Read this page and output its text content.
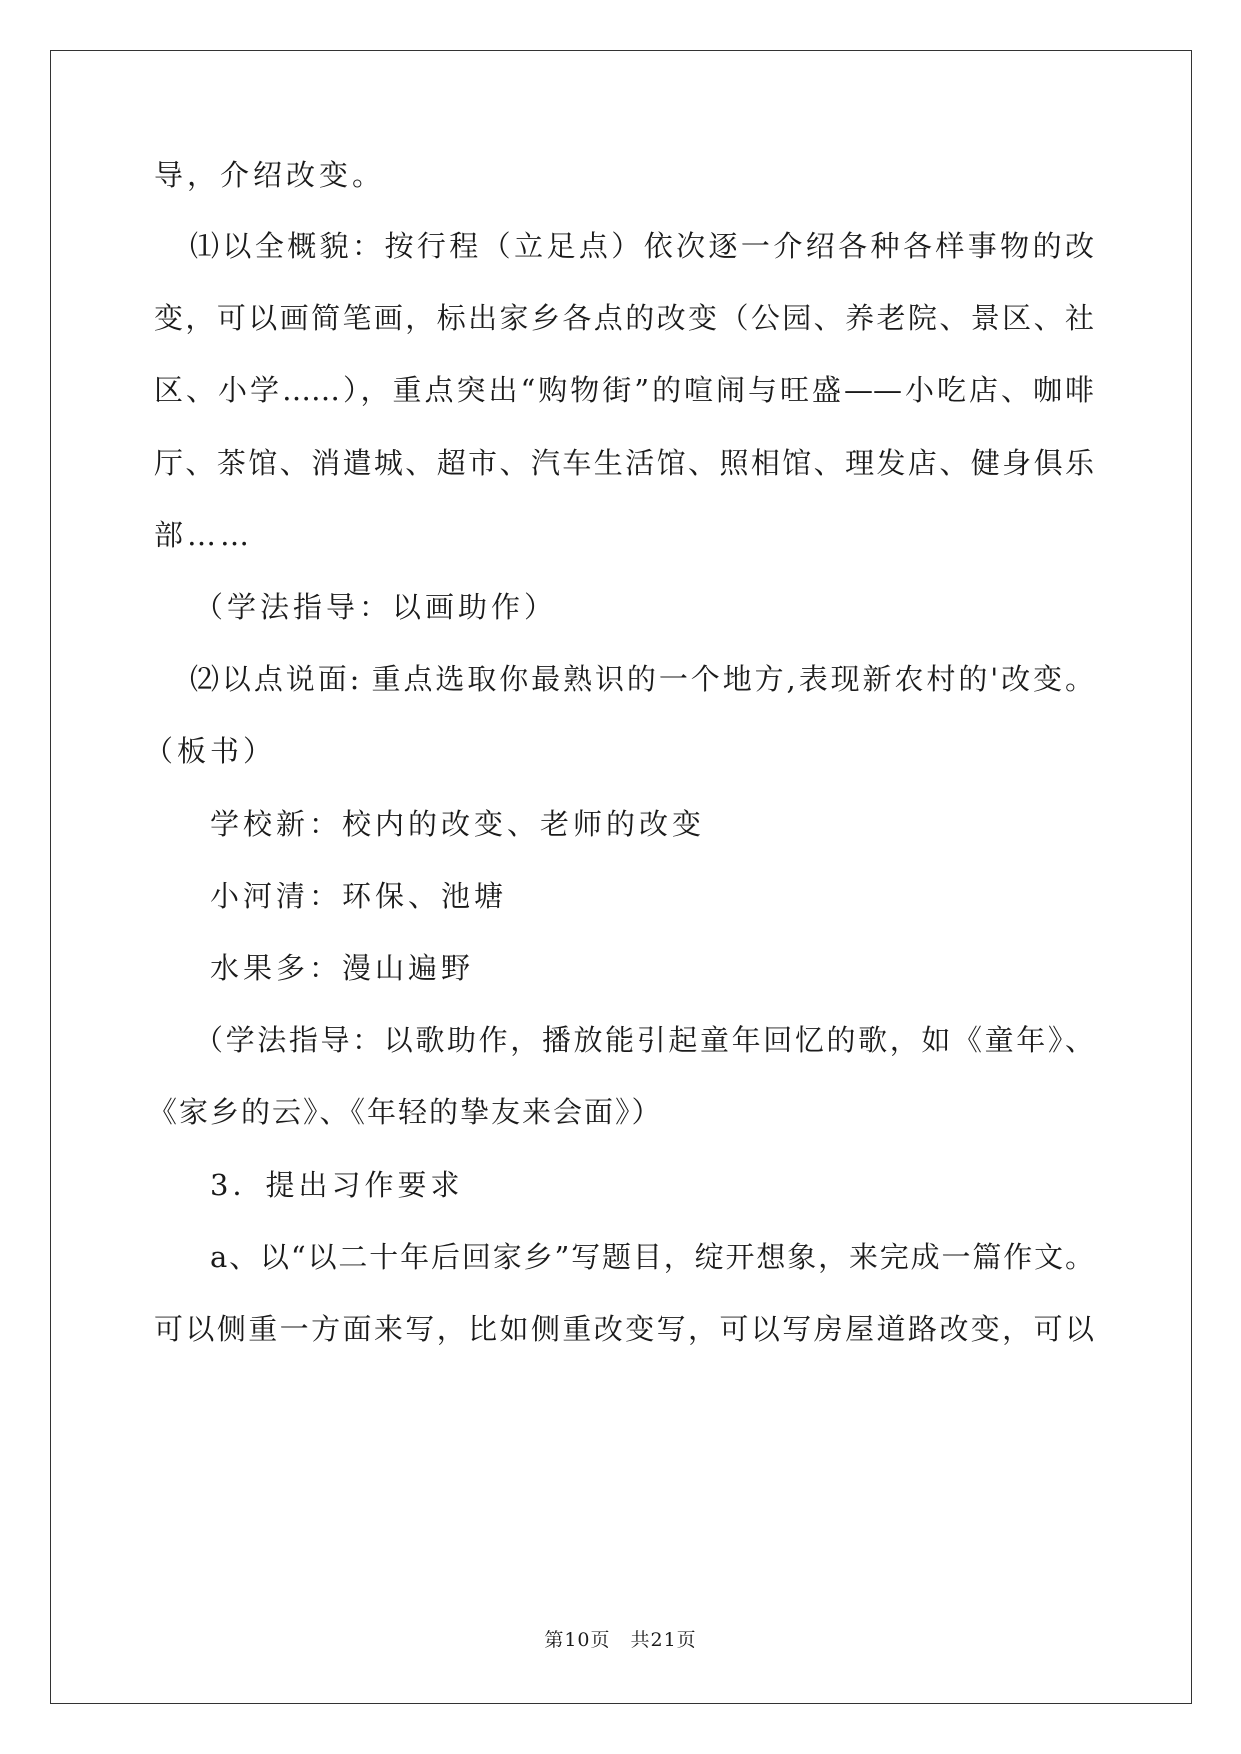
导，介绍改变。
⑴以全概貌：按行程（立足点）依次逐一介绍各种各样事物的改
变，可以画简笔画，标出家乡各点的改变（公园、养老院、景区、社
区、小学……），重点突出“购物街”的喧闹与旺盛——小吃店、咖啡
厅、茶馆、消遣城、超市、汽车生活馆、照相馆、理发店、健身俱乐
部……
（学法指导：以画助作）
⑵以点说面: 重点选取你最熟识的一个地方,表现新农村的'改变。
（板书）
学校新：校内的改变、老师的改变
小河清：环保、池塘
水果多：漫山遍野
（学法指导：以歌助作，播放能引起童年回忆的歌，如《童年》、
《家乡的云》、《年轻的挚友来会面》）
3．提出习作要求
a、以“以二十年后回家乡”写题目，绽开想象，来完成一篇作文。
可以侧重一方面来写，比如侧重改变写，可以写房屋道路改变，可以
第10页　共21页
